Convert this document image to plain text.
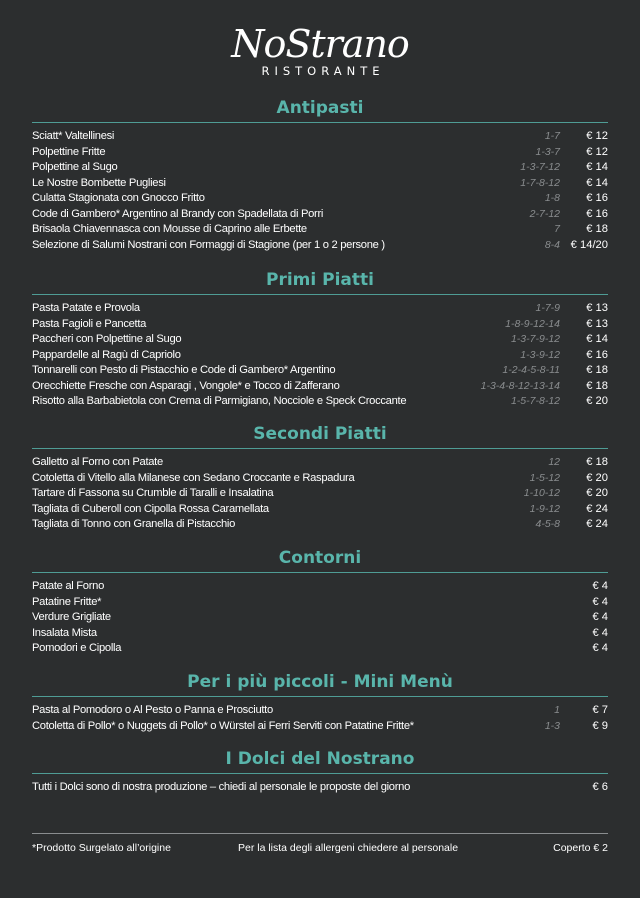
NoStrano
RISTORANTE
Antipasti
Sciatt* Valtellinesi	1-7 € 12
Polpettine Fritte	1-3-7 € 12
Polpettine al Sugo	1-3-7-12 € 14
Le Nostre Bombette Pugliesi	1-7-8-12 € 14
Culatta Stagionata con Gnocco Fritto	1-8 € 16
Code di Gambero* Argentino al Brandy con Spadellata di Porri	2-7-12 € 16
Brisaola Chiavennasca con Mousse di Caprino alle Erbette	7 € 18
Selezione di Salumi Nostrani con Formaggi di Stagione (per 1 o 2 persone )	8-4 € 14/20
Primi Piatti
Pasta Patate e Provola	1-7-9 € 13
Pasta Fagioli e Pancetta	1-8-9-12-14 € 13
Paccheri con Polpettine al Sugo	1-3-7-9-12 € 14
Pappardelle al Ragù di Capriolo	1-3-9-12 € 16
Tonnarelli con Pesto di Pistacchio e Code di Gambero* Argentino	1-2-4-5-8-11 € 18
Orecchiette Fresche con Asparagi , Vongole* e Tocco di Zafferano	1-3-4-8-12-13-14 € 18
Risotto alla Barbabietola con Crema di Parmigiano, Nocciole e Speck Croccante	1-5-7-8-12 € 20
Secondi Piatti
Galletto al Forno con Patate	12 € 18
Cotoletta di Vitello alla Milanese con Sedano Croccante e Raspadura	1-5-12 € 20
Tartare di Fassona su Crumble di Taralli e Insalatina	1-10-12 € 20
Tagliata di Cuberoll con Cipolla Rossa Caramellata	1-9-12 € 24
Tagliata di Tonno con Granella di Pistacchio	4-5-8 € 24
Contorni
Patate al Forno	€ 4
Patatine Fritte*	€ 4
Verdure Grigliate	€ 4
Insalata Mista	€ 4
Pomodori e Cipolla	€ 4
Per i più piccoli - Mini Menù
Pasta al Pomodoro o Al Pesto o Panna e Prosciutto	1	€ 7
Cotoletta di Pollo* o Nuggets di Pollo* o Würstel ai Ferri Serviti con Patatine Fritte*	1-3	€ 9
I Dolci del Nostrano
Tutti i Dolci sono di nostra produzione – chiedi al personale le proposte del giorno	€ 6
*Prodotto Surgelato all’origine	Per la lista degli allergeni chiedere al personale	Coperto € 2
